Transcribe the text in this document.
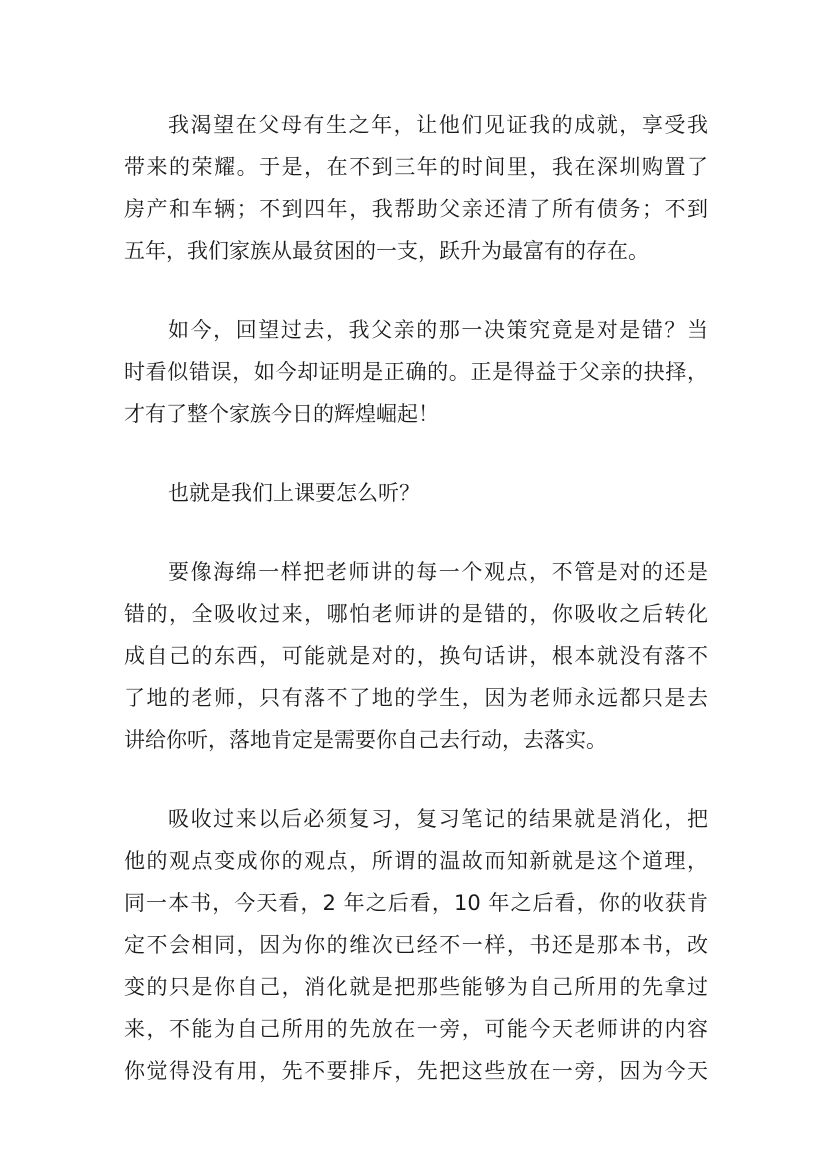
我渴望在父母有生之年，让他们见证我的成就，享受我
带来的荣耀。于是，在不到三年的时间里，我在深圳购置了
房产和车辆；不到四年，我帮助父亲还清了所有债务；不到
五年，我们家族从最贫困的一支，跃升为最富有的存在。

如今，回望过去，我父亲的那一决策究竟是对是错？当
时看似错误，如今却证明是正确的。正是得益于父亲的抉择，
才有了整个家族今日的辉煌崛起！

也就是我们上课要怎么听？

要像海绵一样把老师讲的每一个观点，不管是对的还是
错的，全吸收过来，哪怕老师讲的是错的，你吸收之后转化
成自己的东西，可能就是对的，换句话讲，根本就没有落不
了地的老师，只有落不了地的学生，因为老师永远都只是去
讲给你听，落地肯定是需要你自己去行动，去落实。

吸收过来以后必须复习，复习笔记的结果就是消化，把
他的观点变成你的观点，所谓的温故而知新就是这个道理，
同一本书，今天看，2 年之后看，10 年之后看，你的收获肯
定不会相同，因为你的维次已经不一样，书还是那本书，改
变的只是你自己，消化就是把那些能够为自己所用的先拿过
来，不能为自己所用的先放在一旁，可能今天老师讲的内容
你觉得没有用，先不要排斥，先把这些放在一旁，因为今天
